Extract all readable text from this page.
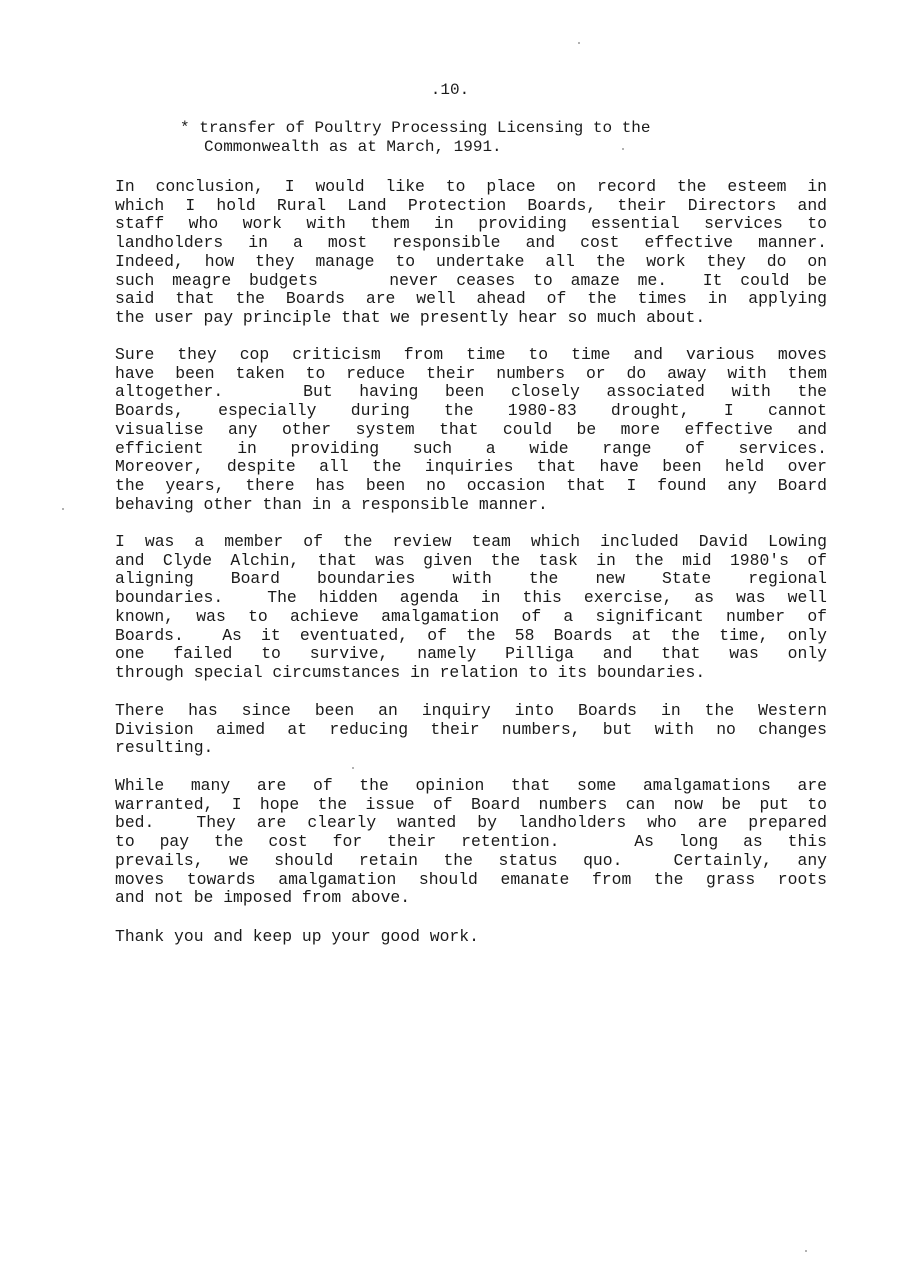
.10.
* transfer of Poultry Processing Licensing to the
Commonwealth as at March, 1991.
In conclusion, I would like to place on record the esteem in
which I hold Rural Land Protection Boards, their Directors and
staff who work with them in providing essential services to
landholders in a most responsible and cost effective manner.
Indeed, how they manage to undertake all the work they do on
such meagre budgets    never ceases to amaze me.  It could be
said that the Boards are well ahead of the times in applying
the user pay principle that we presently hear so much about.
Sure they cop criticism from time to time and various moves
have been taken to reduce their numbers or do away with them
altogether.   But having been closely associated with the
Boards, especially during the 1980-83 drought, I cannot
visualise any other system that could be more effective and
efficient in providing such a wide range of services.
Moreover, despite all the inquiries that have been held over
the years, there has been no occasion that I found any Board
behaving other than in a responsible manner.
I was a member of the review team which included David Lowing
and Clyde Alchin, that was given the task in the mid 1980's of
aligning Board boundaries with the new State regional
boundaries.  The hidden agenda in this exercise, as was well
known, was to achieve amalgamation of a significant number of
Boards.  As it eventuated, of the 58 Boards at the time, only
one failed to survive, namely Pilliga and that was only
through special circumstances in relation to its boundaries.
There has since been an inquiry into Boards in the Western
Division aimed at reducing their numbers, but with no changes
resulting.
While many are of the opinion that some amalgamations are
warranted, I hope the issue of Board numbers can now be put to
bed.  They are clearly wanted by landholders who are prepared
to pay the cost for their retention.   As long as this
prevails, we should retain the status quo.  Certainly, any
moves towards amalgamation should emanate from the grass roots
and not be imposed from above.
Thank you and keep up your good work.
